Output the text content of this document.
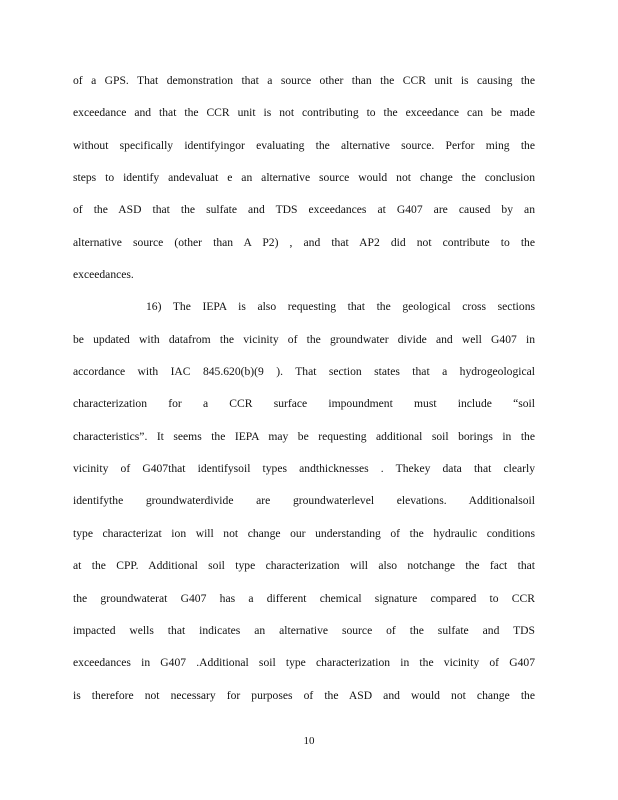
of a GPS. That demonstration that a source other than the CCR unit is causing the
exceedance and that the CCR unit is not contributing to the exceedance can be made
without specifically identifyingor evaluating the alternative source. Perfor ming the
steps to identify andevaluat e an alternative source would not change the conclusion
of the ASD that the sulfate and TDS exceedances at G407 are caused by an
alternative source (other than A P2) , and that AP2 did not contribute to the
exceedances.
16) The IEPA is also requesting that the geological cross sections
be updated with datafrom the vicinity of the groundwater divide and well G407 in
accordance with IAC 845.620(b)(9 ). That section states that a hydrogeological
characterization for a CCR surface impoundment must include “soil
characteristics”. It seems the IEPA may be requesting additional soil borings in the
vicinity of G407that identifysoil types andthicknesses . Thekey data that clearly
identifythe groundwaterdivide are groundwaterlevel elevations. Additionalsoil
type characterizat ion will not change our understanding of the hydraulic conditions
at the CPP. Additional soil type characterization will also notchange the fact that
the groundwaterat G407 has a different chemical signature compared to CCR
impacted wells that indicates an alternative source of the sulfate and TDS
exceedances in G407 .Additional soil type characterization in the vicinity of G407
is therefore not necessary for purposes of the ASD and would not change the
10
